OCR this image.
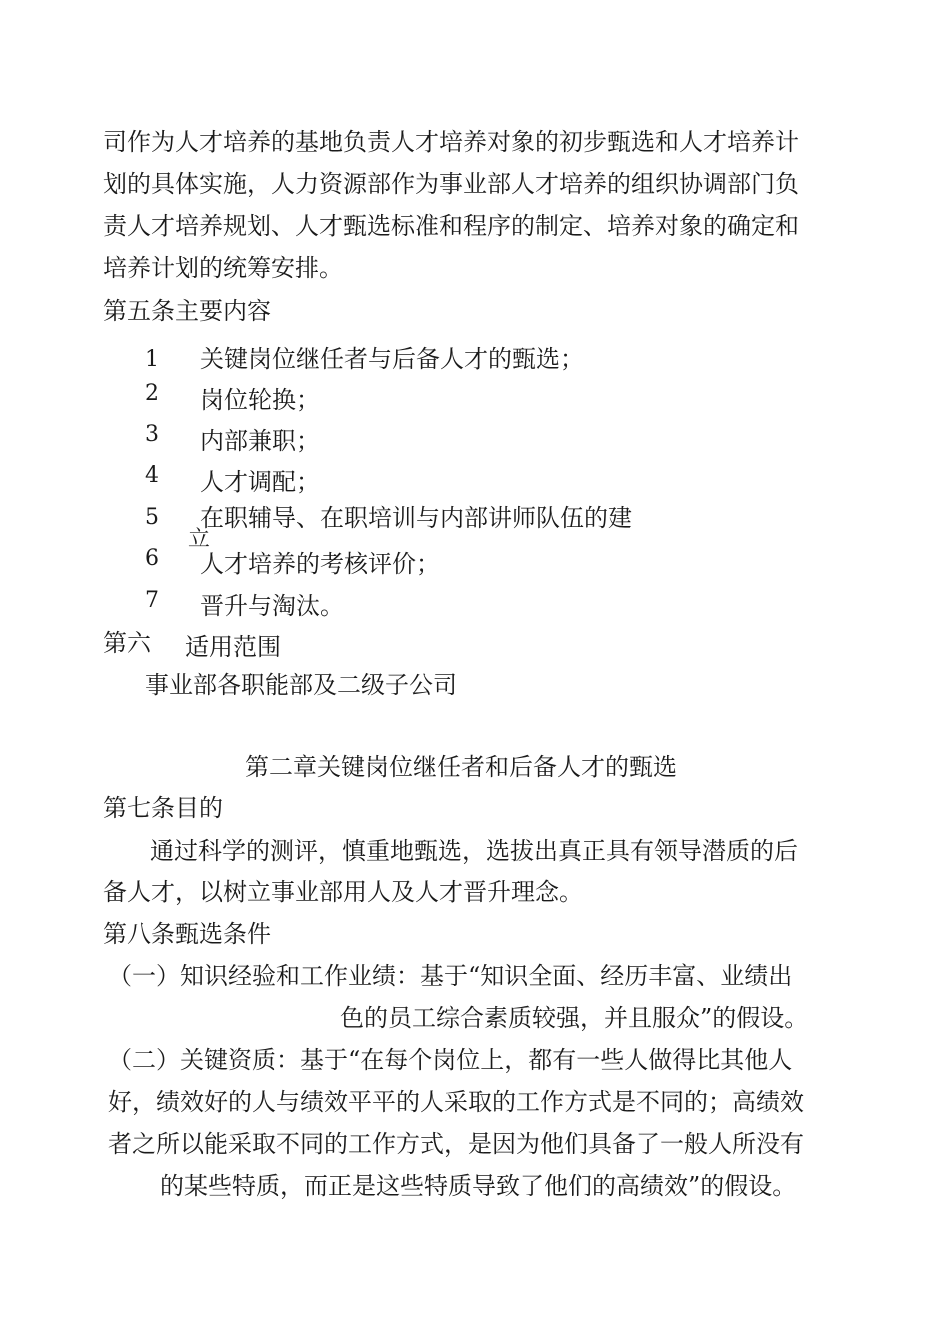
司作为人才培养的基地负责人才培养对象的初步甄选和人才培养计
划的具体实施，人力资源部作为事业部人才培养的组织协调部门负
责人才培养规划、人才甄选标准和程序的制定、培养对象的确定和
培养计划的统筹安排。
第五条主要内容
1 关键岗位继任者与后备人才的甄选；
2 岗位轮换；
3 内部兼职；
4 人才调配；
5 在职辅导、在职培训与内部讲师队伍的建
立
6 人才培养的考核评价；
7 晋升与淘汰。
第六 适用范围
事业部各职能部及二级子公司
第二章关键岗位继任者和后备人才的甄选
第七条目的
通过科学的测评，慎重地甄选，选拔出真正具有领导潜质的后
备人才，以树立事业部用人及人才晋升理念。
第八条甄选条件
（一）知识经验和工作业绩：基于“知识全面、经历丰富、业绩出
色的员工综合素质较强，并且服众”的假设。
（二）关键资质：基于“在每个岗位上，都有一些人做得比其他人
好，绩效好的人与绩效平平的人采取的工作方式是不同的；高绩效
者之所以能采取不同的工作方式，是因为他们具备了一般人所没有
的某些特质，而正是这些特质导致了他们的高绩效”的假设。
